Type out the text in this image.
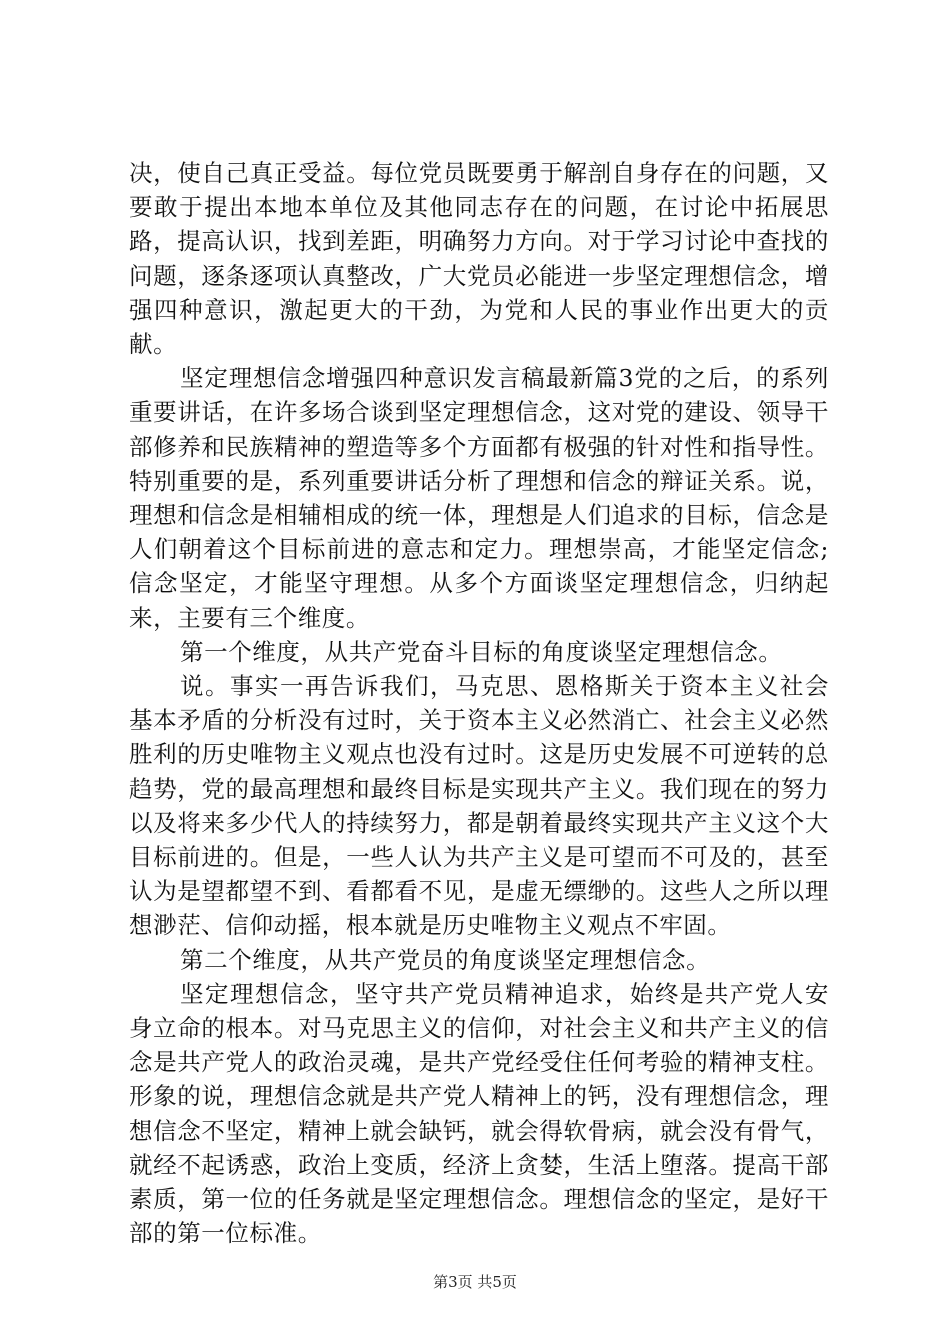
决，使自己真正受益。每位党员既要勇于解剖自身存在的问题，又要敢于提出本地本单位及其他同志存在的问题，在讨论中拓展思路，提高认识，找到差距，明确努力方向。对于学习讨论中查找的问题，逐条逐项认真整改，广大党员必能进一步坚定理想信念，增强四种意识，激起更大的干劲，为党和人民的事业作出更大的贡献。

坚定理想信念增强四种意识发言稿最新篇3党的之后，的系列重要讲话，在许多场合谈到坚定理想信念，这对党的建设、领导干部修养和民族精神的塑造等多个方面都有极强的针对性和指导性。特别重要的是，系列重要讲话分析了理想和信念的辩证关系。说，理想和信念是相辅相成的统一体，理想是人们追求的目标，信念是人们朝着这个目标前进的意志和定力。理想崇高，才能坚定信念;信念坚定，才能坚守理想。从多个方面谈坚定理想信念，归纳起来，主要有三个维度。

第一个维度，从共产党奋斗目标的角度谈坚定理想信念。

说。事实一再告诉我们，马克思、恩格斯关于资本主义社会基本矛盾的分析没有过时，关于资本主义必然消亡、社会主义必然胜利的历史唯物主义观点也没有过时。这是历史发展不可逆转的总趋势，党的最高理想和最终目标是实现共产主义。我们现在的努力以及将来多少代人的持续努力，都是朝着最终实现共产主义这个大目标前进的。但是，一些人认为共产主义是可望而不可及的，甚至认为是望都望不到、看都看不见，是虚无缥缈的。这些人之所以理想渺茫、信仰动摇，根本就是历史唯物主义观点不牢固。

第二个维度，从共产党员的角度谈坚定理想信念。

坚定理想信念，坚守共产党员精神追求，始终是共产党人安身立命的根本。对马克思主义的信仰，对社会主义和共产主义的信念是共产党人的政治灵魂，是共产党经受住任何考验的精神支柱。形象的说，理想信念就是共产党人精神上的钙，没有理想信念，理想信念不坚定，精神上就会缺钙，就会得软骨病，就会没有骨气，就经不起诱惑，政治上变质，经济上贪婪，生活上堕落。提高干部素质，第一位的任务就是坚定理想信念。理想信念的坚定，是好干部的第一位标准。

第3页 共5页
